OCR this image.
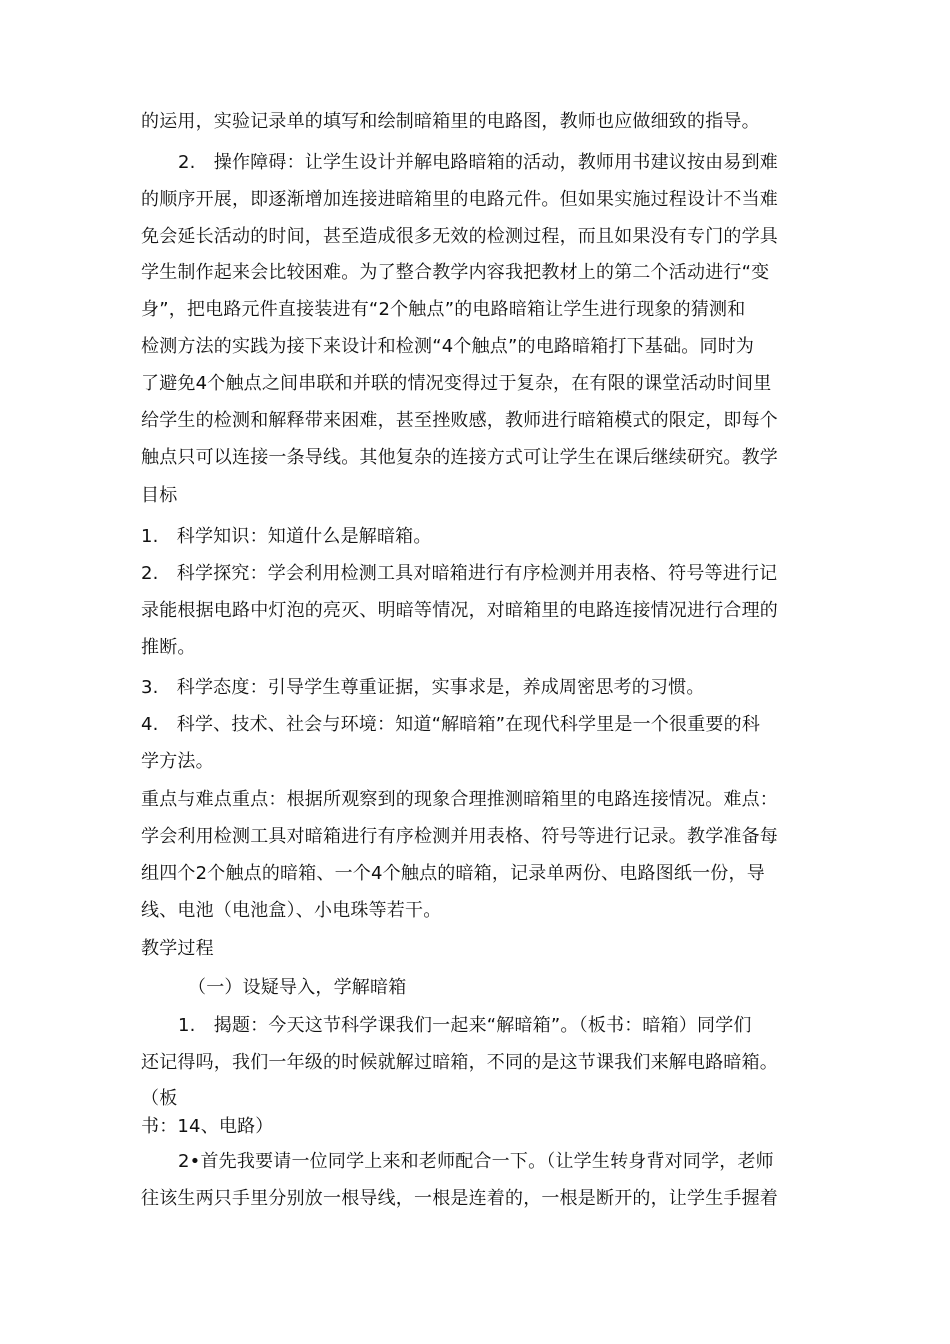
的运用，实验记录单的填写和绘制暗箱里的电路图，教师也应做细致的指导。
2.　操作障碍：让学生设计并解电路暗箱的活动，教师用书建议按由易到难
的顺序开展，即逐渐增加连接进暗箱里的电路元件。但如果实施过程设计不当难
免会延长活动的时间，甚至造成很多无效的检测过程，而且如果没有专门的学具
学生制作起来会比较困难。为了整合教学内容我把教材上的第二个活动进行“变
身”，把电路元件直接装进有“2个触点”的电路暗箱让学生进行现象的猜测和
检测方法的实践为接下来设计和检测“4个触点”的电路暗箱打下基础。同时为
了避免4个触点之间串联和并联的情况变得过于复杂，在有限的课堂活动时间里
给学生的检测和解释带来困难，甚至挫败感，教师进行暗箱模式的限定，即每个
触点只可以连接一条导线。其他复杂的连接方式可让学生在课后继续研究。教学
目标
1.　科学知识：知道什么是解暗箱。
2.　科学探究：学会利用检测工具对暗箱进行有序检测并用表格、符号等进行记
录能根据电路中灯泡的亮灭、明暗等情况，对暗箱里的电路连接情况进行合理的
推断。
3.　科学态度：引导学生尊重证据，实事求是，养成周密思考的习惯。
4.　科学、技术、社会与环境：知道“解暗箱”在现代科学里是一个很重要的科
学方法。
重点与难点重点：根据所观察到的现象合理推测暗箱里的电路连接情况。难点：
学会利用检测工具对暗箱进行有序检测并用表格、符号等进行记录。教学准备每
组四个2个触点的暗箱、一个4个触点的暗箱，记录单两份、电路图纸一份，导
线、电池（电池盒）、小电珠等若干。
教学过程
（一）设疑导入，学解暗箱
1.　揭题：今天这节科学课我们一起来“解暗箱”。（板书：暗箱）同学们
还记得吗，我们一年级的时候就解过暗箱，不同的是这节课我们来解电路暗箱。
（板
书：14、电路）
2•首先我要请一位同学上来和老师配合一下。（让学生转身背对同学，老师
往该生两只手里分别放一根导线，一根是连着的，一根是断开的，让学生手握着
